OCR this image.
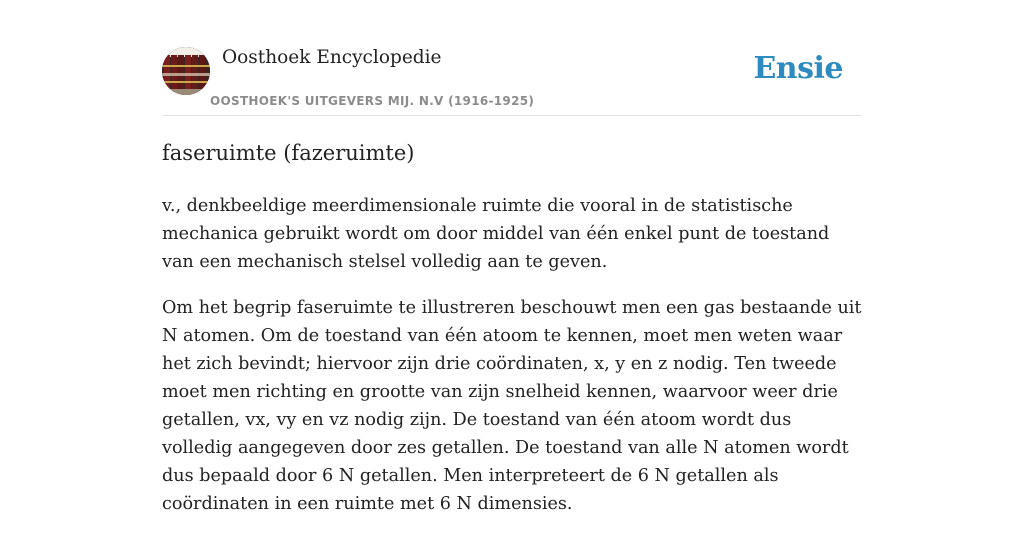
Oosthoek Encyclopedie
OOSTHOEK'S UITGEVERS MIJ. N.V (1916-1925)
Ensie
faseruimte (fazeruimte)

v., denkbeeldige meerdimensionale ruimte die vooral in de statistische mechanica gebruikt wordt om door middel van één enkel punt de toestand van een mechanisch stelsel volledig aan te geven.

Om het begrip faseruimte te illustreren beschouwt men een gas bestaande uit N atomen. Om de toestand van één atoom te kennen, moet men weten waar het zich bevindt; hiervoor zijn drie coördinaten, x, y en z nodig. Ten tweede moet men richting en grootte van zijn snelheid kennen, waarvoor weer drie getallen, vx, vy en vz nodig zijn. De toestand van één atoom wordt dus volledig aangegeven door zes getallen. De toestand van alle N atomen wordt dus bepaald door 6 N getallen. Men interpreteert de 6 N getallen als coördinaten in een ruimte met 6 N dimensies.
